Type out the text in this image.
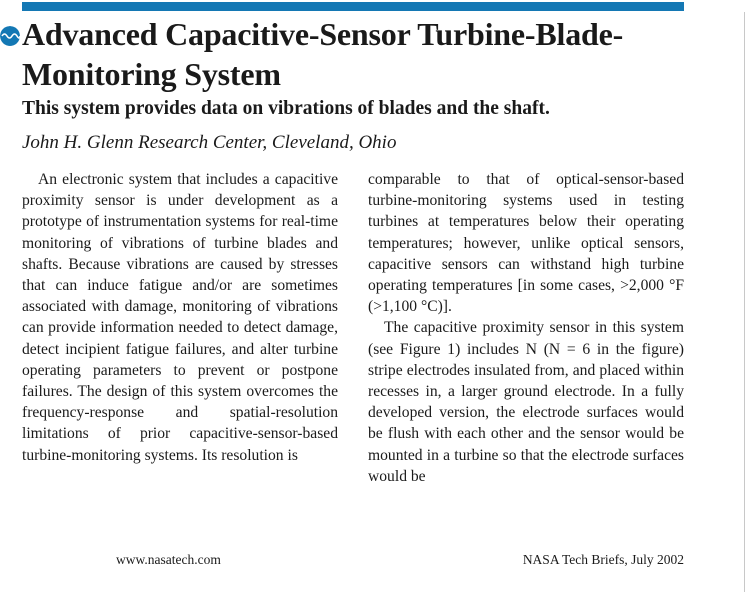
Advanced Capacitive-Sensor Turbine-Blade-Monitoring System
This system provides data on vibrations of blades and the shaft.
John H. Glenn Research Center, Cleveland, Ohio

An electronic system that includes a capacitive proximity sensor is under development as a prototype of instrumentation systems for real-time monitoring of vibrations of turbine blades and shafts. Because vibrations are caused by stresses that can induce fatigue and/or are sometimes associated with damage, monitoring of vibrations can provide information needed to detect damage, detect incipient fatigue failures, and alter turbine operating parameters to prevent or postpone failures. The design of this system overcomes the frequency-response and spatial-resolution limitations of prior capacitive-sensor-based turbine-monitoring systems. Its resolution is

comparable to that of optical-sensor-based turbine-monitoring systems used in testing turbines at temperatures below their operating temperatures; however, unlike optical sensors, capacitive sensors can withstand high turbine operating temperatures [in some cases, >2,000 °F (>1,100 °C)].

The capacitive proximity sensor in this system (see Figure 1) includes N (N = 6 in the figure) stripe electrodes insulated from, and placed within recesses in, a larger ground electrode. In a fully developed version, the electrode surfaces would be flush with each other and the sensor would be mounted in a turbine so that the electrode surfaces would be

www.nasatech.com	NASA Tech Briefs, July 2002
